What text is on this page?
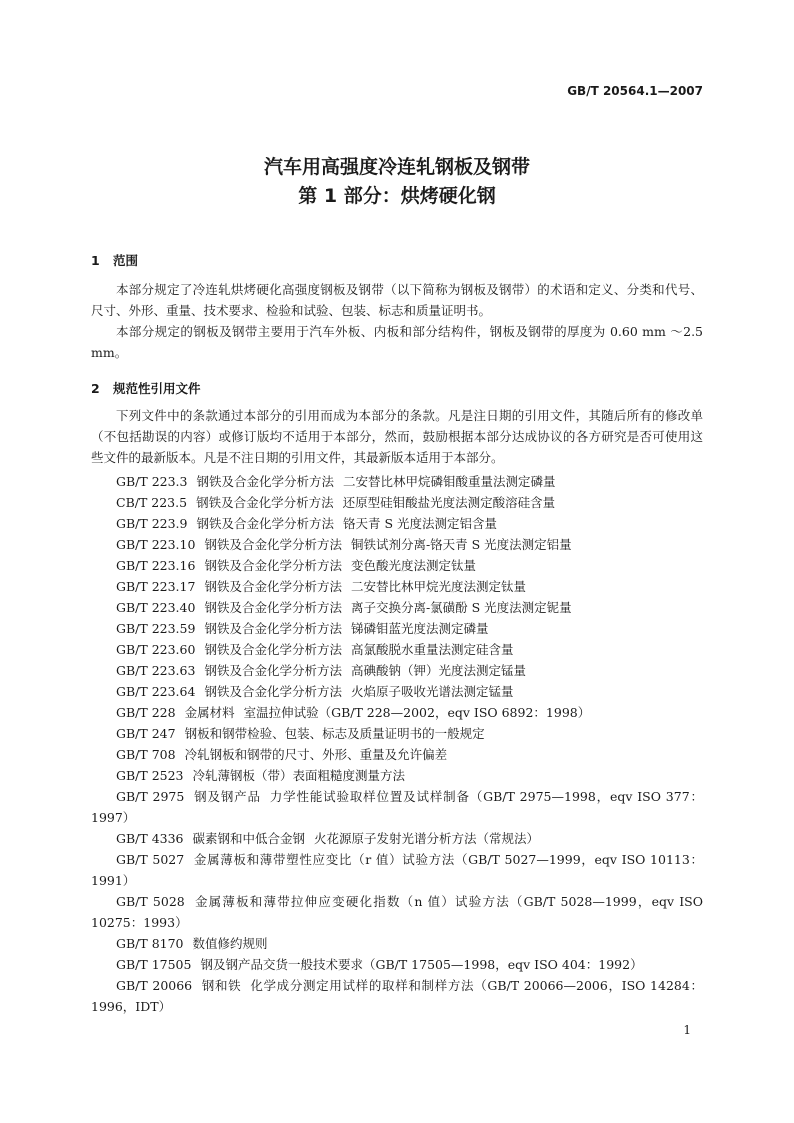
GB/T 20564.1—2007
汽车用高强度冷连轧钢板及钢带
第 1 部分：烘烤硬化钢
1 范围

本部分规定了冷连轧烘烤硬化高强度钢板及钢带（以下简称为钢板及钢带）的术语和定义、分类和代号、尺寸、外形、重量、技术要求、检验和试验、包装、标志和质量证明书。

本部分规定的钢板及钢带主要用于汽车外板、内板和部分结构件，钢板及钢带的厚度为 0.60 mm ～2.5 mm。

2 规范性引用文件

下列文件中的条款通过本部分的引用而成为本部分的条款。凡是注日期的引用文件，其随后所有的修改单（不包括勘误的内容）或修订版均不适用于本部分，然而，鼓励根据本部分达成协议的各方研究是否可使用这些文件的最新版本。凡是不注日期的引用文件，其最新版本适用于本部分。

GB/T 223.3 钢铁及合金化学分析方法 二安替比林甲烷磷钼酸重量法测定磷量
CB/T 223.5 钢铁及合金化学分析方法 还原型硅钼酸盐光度法测定酸溶硅含量
GB/T 223.9 钢铁及合金化学分析方法 铬天青 S 光度法测定铝含量
GB/T 223.10 钢铁及合金化学分析方法 铜铁试剂分离-铬天青 S 光度法测定铝量
GB/T 223.16 钢铁及合金化学分析方法 变色酸光度法测定钛量
GB/T 223.17 钢铁及合金化学分析方法 二安替比林甲烷光度法测定钛量
GB/T 223.40 钢铁及合金化学分析方法 离子交换分离-氯磺酚 S 光度法测定铌量
GB/T 223.59 钢铁及合金化学分析方法 锑磷钼蓝光度法测定磷量
GB/T 223.60 钢铁及合金化学分析方法 高氯酸脱水重量法测定硅含量
GB/T 223.63 钢铁及合金化学分析方法 高碘酸钠（钾）光度法测定锰量
GB/T 223.64 钢铁及合金化学分析方法 火焰原子吸收光谱法测定锰量
GB/T 228 金属材料 室温拉伸试验（GB/T 228—2002，eqv ISO 6892：1998）
GB/T 247 钢板和钢带检验、包装、标志及质量证明书的一般规定
GB/T 708 冷轧钢板和钢带的尺寸、外形、重量及允许偏差
GB/T 2523 冷轧薄钢板（带）表面粗糙度测量方法
GB/T 2975 钢及钢产品 力学性能试验取样位置及试样制备（GB/T 2975—1998，eqv ISO 377：1997）
GB/T 4336 碳素钢和中低合金钢 火花源原子发射光谱分析方法（常规法）
GB/T 5027 金属薄板和薄带塑性应变比（r 值）试验方法（GB/T 5027—1999，eqv ISO 10113：1991）
GB/T 5028 金属薄板和薄带拉伸应变硬化指数（n 值）试验方法（GB/T 5028—1999，eqv ISO 10275：1993）
GB/T 8170 数值修约规则
GB/T 17505 钢及钢产品交货一般技术要求（GB/T 17505—1998，eqv ISO 404：1992）
GB/T 20066 钢和铁 化学成分测定用试样的取样和制样方法（GB/T 20066—2006，ISO 14284：1996，IDT）
1
